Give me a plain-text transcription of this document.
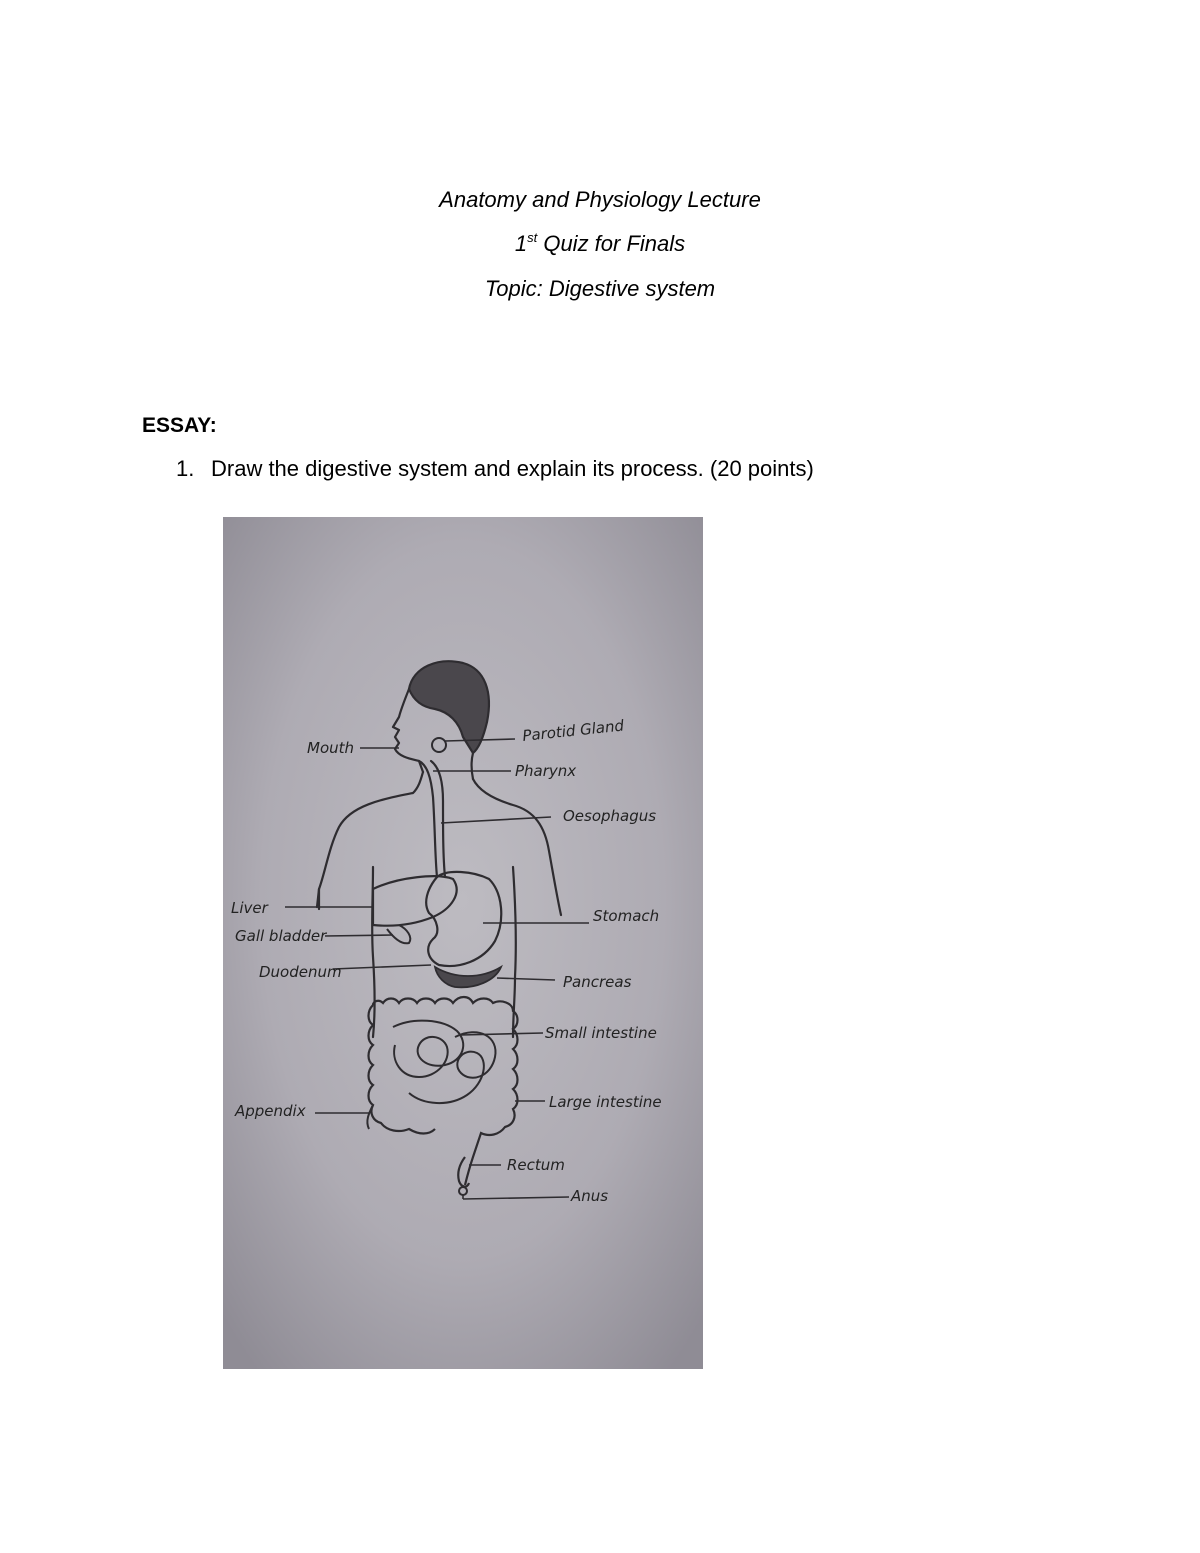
Anatomy and Physiology Lecture
1st Quiz for Finals
Topic: Digestive system
ESSAY:
1. Draw the digestive system and explain its process. (20 points)
Mouth
Parotid Gland
Pharynx
Oesophagus
Liver	Stomach
Gall bladder
Duodenum
Pancreas
Small intestine
Appendix	Large intestine
Rectum
Anus
